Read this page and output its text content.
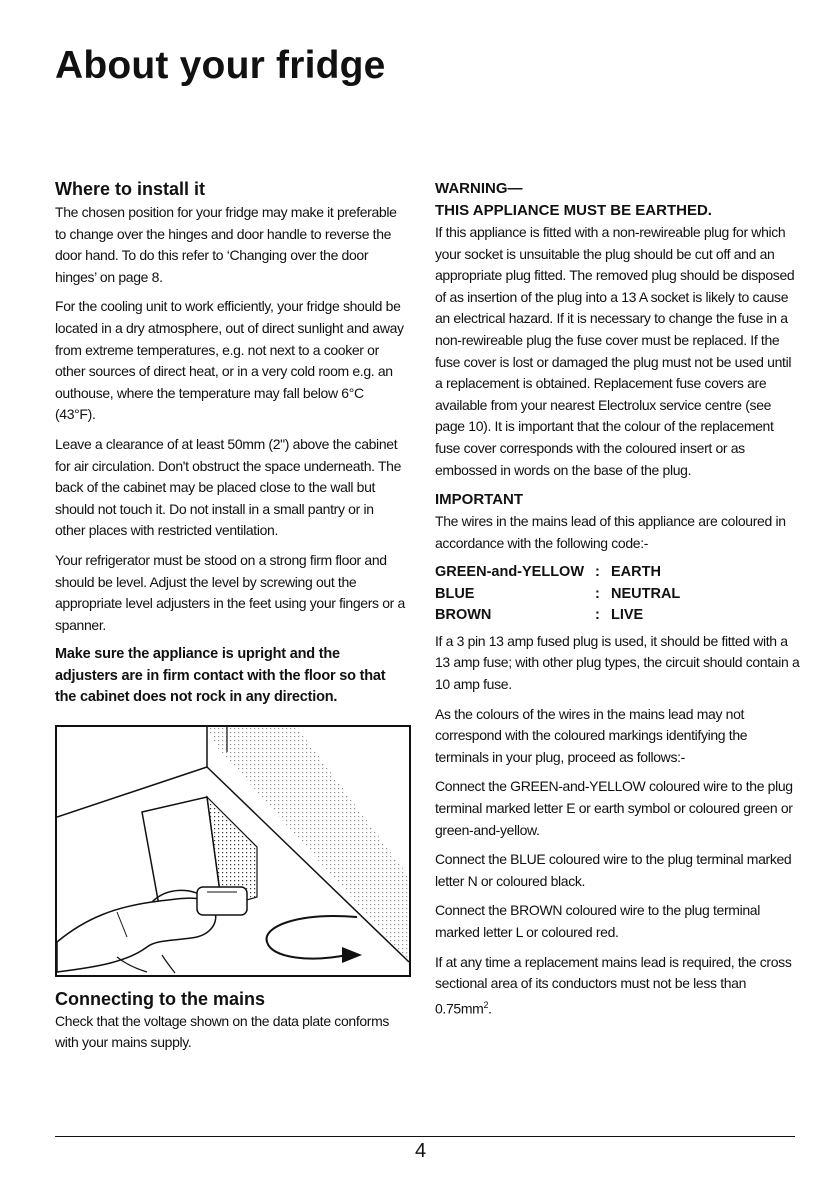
About your fridge
Where to install it

The chosen position for your fridge may make it preferable to change over the hinges and door handle to reverse the door hand. To do this refer to ‘Changing over the door hinges’ on page 8.

For the cooling unit to work efficiently, your fridge should be located in a dry atmosphere, out of direct sunlight and away from extreme temperatures, e.g. not next to a cooker or other sources of direct heat, or in a very cold room e.g. an outhouse, where the temperature may fall below 6°C (43°F).

Leave a clearance of at least 50mm (2") above the cabinet for air circulation. Don't obstruct the space underneath. The back of the cabinet may be placed close to the wall but should not touch it. Do not install in a small pantry or in other places with restricted ventilation.

Your refrigerator must be stood on a strong firm floor and should be level. Adjust the level by screwing out the appropriate level adjusters in the feet using your fingers or a spanner.

Make sure the appliance is upright and the adjusters are in firm contact with the floor so that the cabinet does not rock in any direction.

Connecting to the mains

Check that the voltage shown on the data plate conforms with your mains supply.

WARNING—
THIS APPLIANCE MUST BE EARTHED.

If this appliance is fitted with a non-rewireable plug for which your socket is unsuitable the plug should be cut off and an appropriate plug fitted. The removed plug should be disposed of as insertion of the plug into a 13 A socket is likely to cause an electrical hazard. If it is necessary to change the fuse in a non-rewireable plug the fuse cover must be replaced. If the fuse cover is lost or damaged the plug must not be used until a replacement is obtained. Replacement fuse covers are available from your nearest Electrolux service centre (see page 10). It is important that the colour of the replacement fuse cover corresponds with the coloured insert or as embossed in words on the base of the plug.

IMPORTANT

The wires in the mains lead of this appliance are coloured in accordance with the following code:-

GREEN-and-YELLOW : EARTH
BLUE	: NEUTRAL
BROWN	: LIVE

If a 3 pin 13 amp fused plug is used, it should be fitted with a 13 amp fuse; with other plug types, the circuit should contain a 10 amp fuse.

As the colours of the wires in the mains lead may not correspond with the coloured markings identifying the terminals in your plug, proceed as follows:-

Connect the GREEN-and-YELLOW coloured wire to the plug terminal marked letter E or earth symbol or coloured green or green-and-yellow.

Connect the BLUE coloured wire to the plug terminal marked letter N or coloured black.

Connect the BROWN coloured wire to the plug terminal marked letter L or coloured red.

If at any time a replacement mains lead is required, the cross sectional area of its conductors must not be less than $0.75mm^2$.

4
